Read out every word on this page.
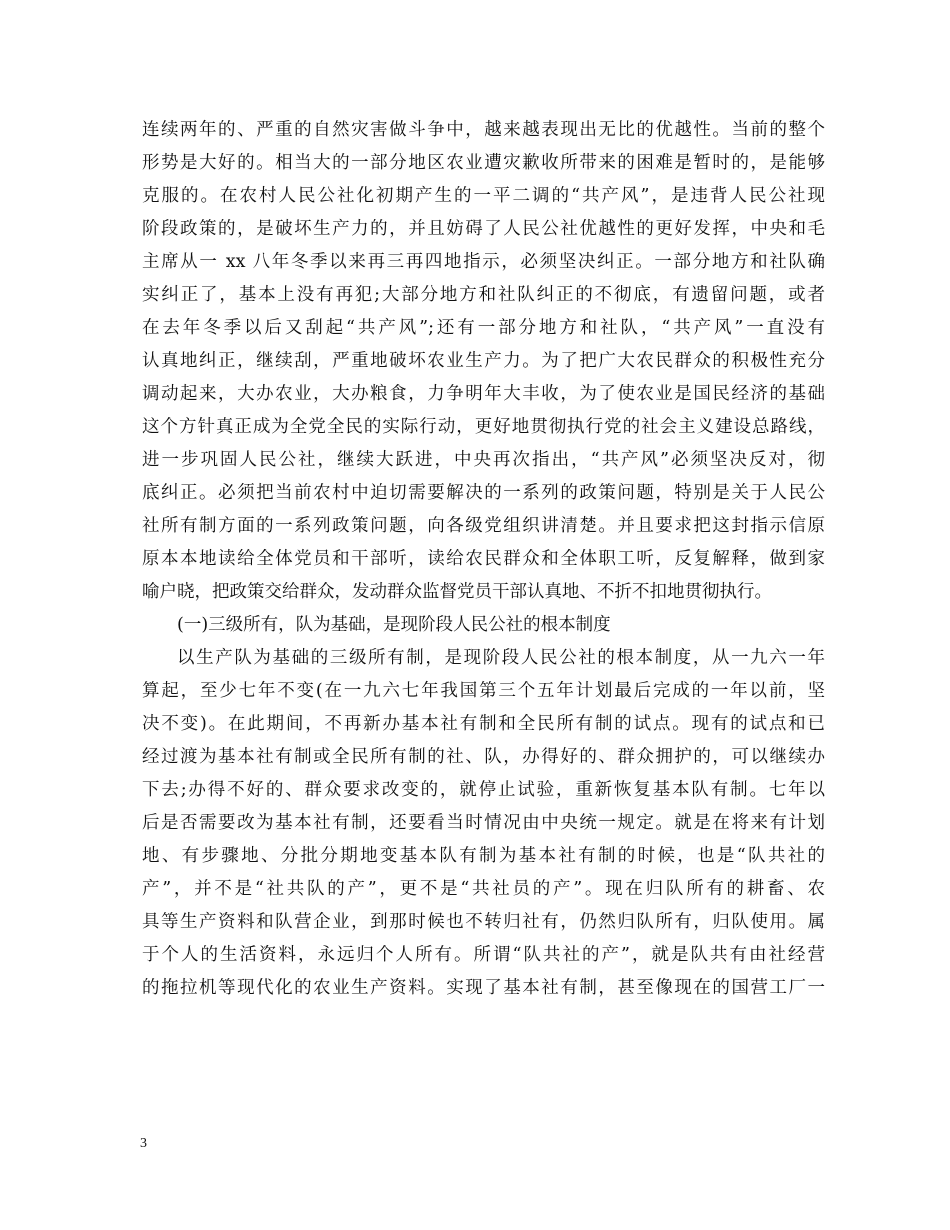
连续两年的、严重的自然灾害做斗争中，越来越表现出无比的优越性。当前的整个
形势是大好的。相当大的一部分地区农业遭灾歉收所带来的困难是暂时的，是能够
克服的。在农村人民公社化初期产生的一平二调的“共产风”，是违背人民公社现
阶段政策的，是破坏生产力的，并且妨碍了人民公社优越性的更好发挥，中央和毛
主席从一 xx 八年冬季以来再三再四地指示，必须坚决纠正。一部分地方和社队确
实纠正了，基本上没有再犯;大部分地方和社队纠正的不彻底，有遗留问题，或者
在去年冬季以后又刮起“共产风”;还有一部分地方和社队，“共产风”一直没有
认真地纠正，继续刮，严重地破坏农业生产力。为了把广大农民群众的积极性充分
调动起来，大办农业，大办粮食，力争明年大丰收，为了使农业是国民经济的基础
这个方针真正成为全党全民的实际行动，更好地贯彻执行党的社会主义建设总路线，
进一步巩固人民公社，继续大跃进，中央再次指出，“共产风”必须坚决反对，彻
底纠正。必须把当前农村中迫切需要解决的一系列的政策问题，特别是关于人民公
社所有制方面的一系列政策问题，向各级党组织讲清楚。并且要求把这封指示信原
原本本地读给全体党员和干部听，读给农民群众和全体职工听，反复解释，做到家
喻户晓，把政策交给群众，发动群众监督党员干部认真地、不折不扣地贯彻执行。
(一)三级所有，队为基础，是现阶段人民公社的根本制度
以生产队为基础的三级所有制，是现阶段人民公社的根本制度，从一九六一年
算起，至少七年不变(在一九六七年我国第三个五年计划最后完成的一年以前，坚
决不变)。在此期间，不再新办基本社有制和全民所有制的试点。现有的试点和已
经过渡为基本社有制或全民所有制的社、队，办得好的、群众拥护的，可以继续办
下去;办得不好的、群众要求改变的，就停止试验，重新恢复基本队有制。七年以
后是否需要改为基本社有制，还要看当时情况由中央统一规定。就是在将来有计划
地、有步骤地、分批分期地变基本队有制为基本社有制的时候，也是“队共社的
产”，并不是“社共队的产”，更不是“共社员的产”。现在归队所有的耕畜、农
具等生产资料和队营企业，到那时候也不转归社有，仍然归队所有，归队使用。属
于个人的生活资料，永远归个人所有。所谓“队共社的产”，就是队共有由社经营
的拖拉机等现代化的农业生产资料。实现了基本社有制，甚至像现在的国营工厂一
3
